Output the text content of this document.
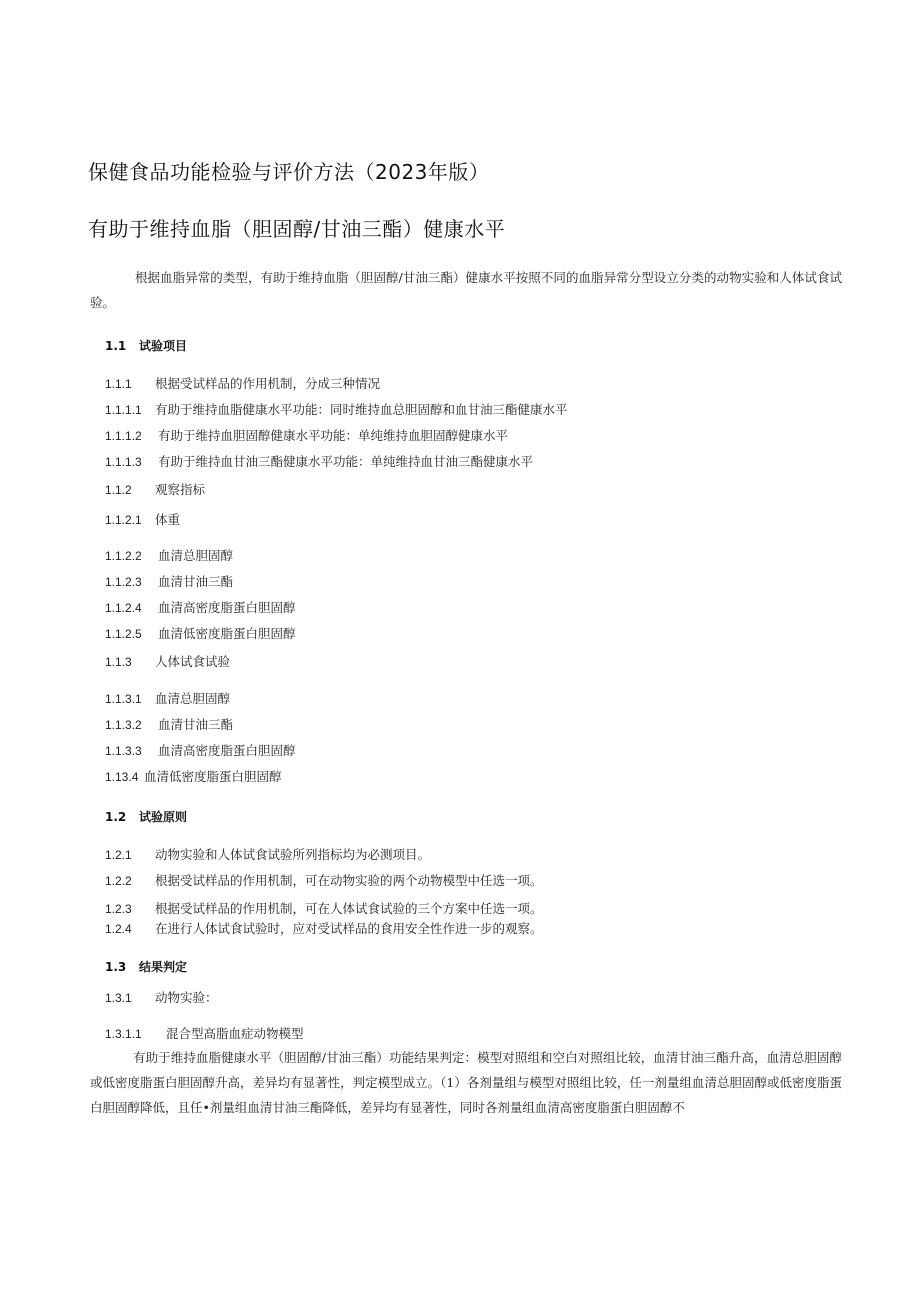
保健食品功能检验与评价方法（2023年版）
有助于维持血脂（胆固醇/甘油三酯）健康水平
根据血脂异常的类型，有助于维持血脂（胆固醇/甘油三酯）健康水平按照不同的血脂异常分型设立分类的动物实验和人体试食试验。
1.1 试验项目
1.1.1 根据受试样品的作用机制，分成三种情况
1.1.1.1 有助于维持血脂健康水平功能：同时维持血总胆固醇和血甘油三酯健康水平
1.1.1.2 有助于维持血胆固醇健康水平功能：单纯维持血胆固醇健康水平
1.1.1.3 有助于维持血甘油三酯健康水平功能：单纯维持血甘油三酯健康水平
1.1.2 观察指标
1.1.2.1 体重
1.1.2.2 血清总胆固醇
1.1.2.3 血清甘油三酯
1.1.2.4 血清高密度脂蛋白胆固醇
1.1.2.5 血清低密度脂蛋白胆固醇
1.1.3 人体试食试验
1.1.3.1 血清总胆固醇
1.1.3.2 血清甘油三酯
1.1.3.3 血清高密度脂蛋白胆固醇
1.13.4 血清低密度脂蛋白胆固醇
1.2 试验原则
1.2.1 动物实验和人体试食试验所列指标均为必测项目。
1.2.2 根据受试样品的作用机制，可在动物实验的两个动物模型中任选一项。
1.2.3 根据受试样品的作用机制，可在人体试食试验的三个方案中任选一项。
1.2.4 在进行人体试食试验时，应对受试样品的食用安全性作进一步的观察。
1.3 结果判定
1.3.1 动物实验：
1.3.1.1 混合型高脂血症动物模型
有助于维持血脂健康水平（胆固醇/甘油三酯）功能结果判定：模型对照组和空白对照组比较，血清甘油三酯升高，血清总胆固醇或低密度脂蛋白胆固醇升高，差异均有显著性，判定模型成立。（1）各剂量组与模型对照组比较，任一剂量组血清总胆固醇或低密度脂蛋白胆固醇降低，且任•剂量组血清甘油三酯降低，差异均有显著性，同时各剂量组血清高密度脂蛋白胆固醇不
